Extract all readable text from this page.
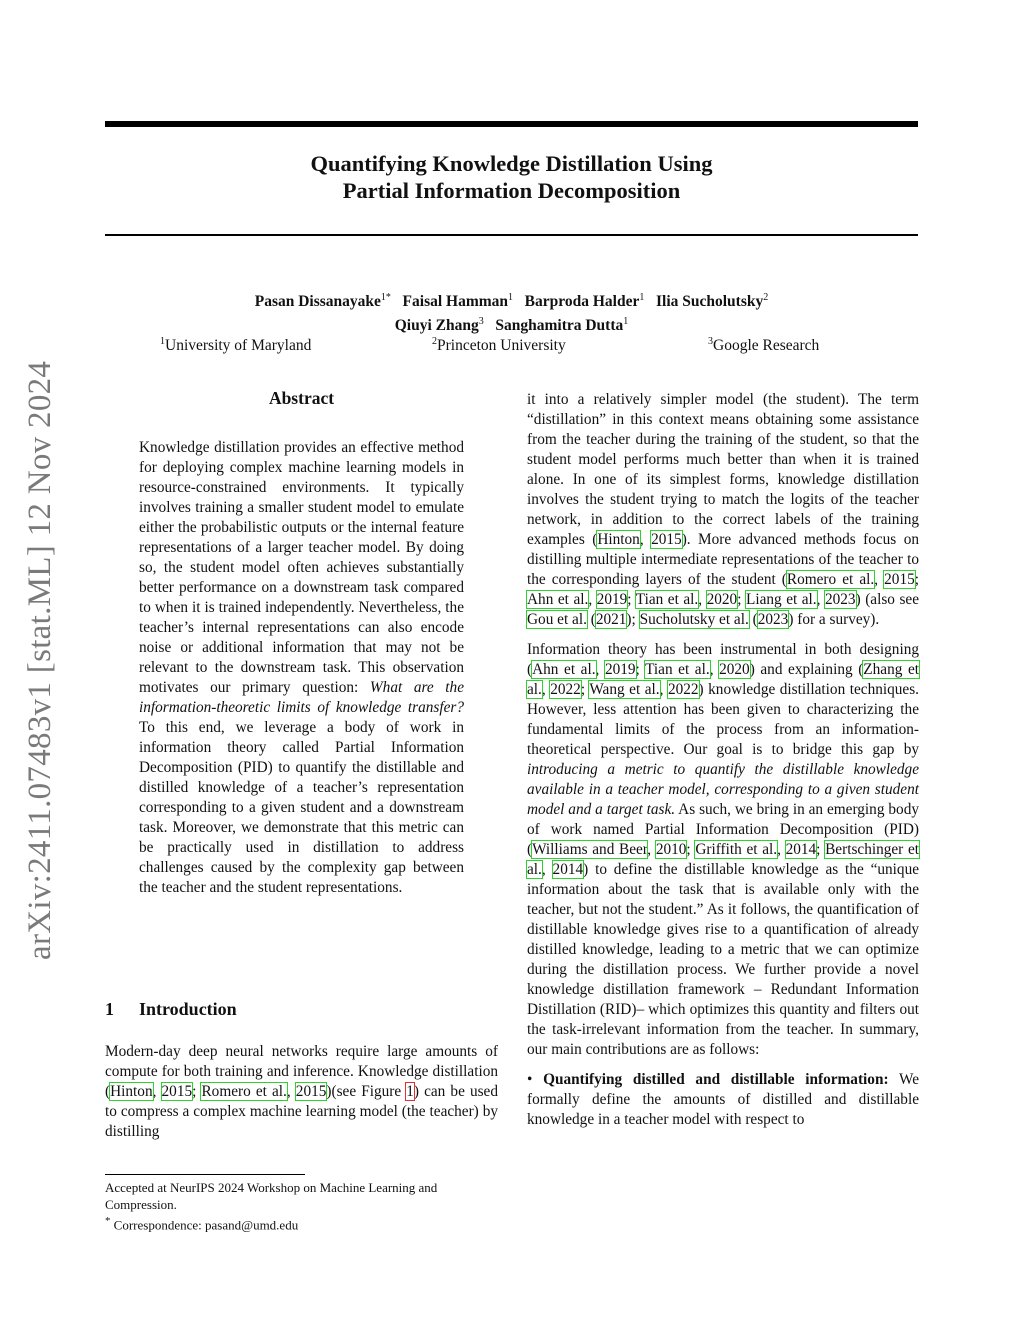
Quantifying Knowledge Distillation Using
Partial Information Decomposition
Pasan Dissanayake$^{1*}$ Faisal Hamman$^1$ Barproda Halder$^1$ Ilia Sucholutsky$^2$
Qiuyi Zhang$^3$ Sanghamitra Dutta$^1$
$^1$University of Maryland	$^2$Princeton University	$^3$Google Research
arXiv:2411.07483v1 [stat.ML] 12 Nov 2024	Abstract
Knowledge distillation provides an effective method for deploying complex machine learning models in resource-constrained environments. It typically involves training a smaller student model to emulate either the probabilistic outputs or the internal feature representations of a larger teacher model. By doing so, the student model often achieves substantially better performance on a downstream task compared to when it is trained independently. Nevertheless, the teacher’s internal representations can also encode noise or additional information that may not be relevant to the downstream task. This observation motivates our primary question: What are the information-theoretic limits of knowledge transfer? To this end, we leverage a body of work in information theory called Partial Information Decomposition (PID) to quantify the distillable and distilled knowledge of a teacher’s representation corresponding to a given student and a downstream task. Moreover, we demonstrate that this metric can be practically used in distillation to address challenges caused by the complexity gap between the teacher and the student representations.
1 Introduction
Modern-day deep neural networks require large amounts of compute for both training and inference. Knowledge distillation (Hinton, 2015; Romero et al., 2015)(see Figure 1) can be used to compress a complex machine learning model (the teacher) by distilling
Accepted at NeurIPS 2024 Workshop on Machine Learning and Compression.
* Correspondence: pasand@umd.edu

it into a relatively simpler model (the student). The term “distillation” in this context means obtaining some assistance from the teacher during the training of the student, so that the student model performs much better than when it is trained alone. In one of its simplest forms, knowledge distillation involves the student trying to match the logits of the teacher network, in addition to the correct labels of the training examples (Hinton, 2015). More advanced methods focus on distilling multiple intermediate representations of the teacher to the corresponding layers of the student (Romero et al., 2015; Ahn et al., 2019; Tian et al., 2020; Liang et al., 2023) (also see Gou et al. (2021); Sucholutsky et al. (2023) for a survey).

Information theory has been instrumental in both designing (Ahn et al., 2019; Tian et al., 2020) and explaining (Zhang et al., 2022; Wang et al., 2022) knowledge distillation techniques. However, less attention has been given to characterizing the fundamental limits of the process from an information-theoretical perspective. Our goal is to bridge this gap by introducing a metric to quantify the distillable knowledge available in a teacher model, corresponding to a given student model and a target task. As such, we bring in an emerging body of work named Partial Information Decomposition (PID) (Williams and Beer, 2010; Griffith et al., 2014; Bertschinger et al., 2014) to define the distillable knowledge as the “unique information about the task that is available only with the teacher, but not the student.” As it follows, the quantification of distillable knowledge gives rise to a quantification of already distilled knowledge, leading to a metric that we can optimize during the distillation process. We further provide a novel knowledge distillation framework – Redundant Information Distillation (RID)– which optimizes this quantity and filters out the task-irrelevant information from the teacher. In summary, our main contributions are as follows:

• Quantifying distilled and distillable information: We formally define the amounts of distilled and distillable knowledge in a teacher model with respect to
